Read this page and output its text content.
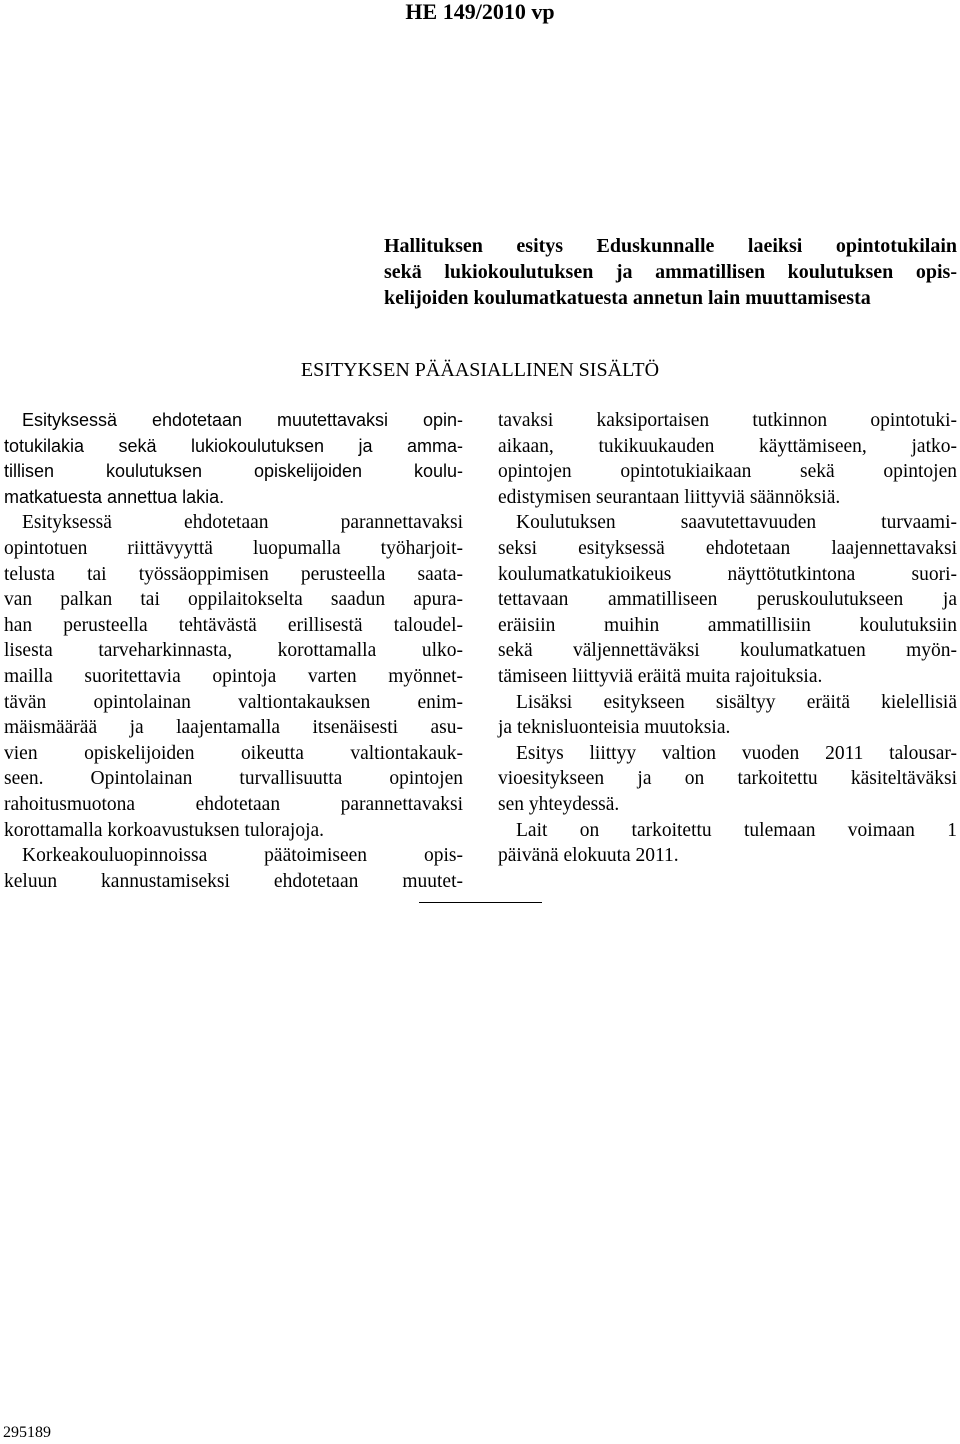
HE 149/2010 vp
Hallituksen esitys Eduskunnalle laeiksi opintotukilain
sekä lukiokoulutuksen ja ammatillisen koulutuksen opis-
kelijoiden koulumatkatuesta annetun lain muuttamisesta
ESITYKSEN PÄÄASIALLINEN SISÄLTÖ
Esityksessä ehdotetaan muutettavaksi opin-
totukilakia sekä lukiokoulutuksen ja amma-
tillisen koulutuksen opiskelijoiden koulu-
matkatuesta annettua lakia.
Esityksessä ehdotetaan parannettavaksi
opintotuen riittävyyttä luopumalla työharjoit-
telusta tai työssäoppimisen perusteella saata-
van palkan tai oppilaitokselta saadun apura-
han perusteella tehtävästä erillisestä taloudel-
lisesta tarveharkinnasta, korottamalla ulko-
mailla suoritettavia opintoja varten myönnet-
tävän opintolainan valtiontakauksen enim-
mäismäärää ja laajentamalla itsenäisesti asu-
vien opiskelijoiden oikeutta valtiontakauk-
seen. Opintolainan turvallisuutta opintojen
rahoitusmuotona ehdotetaan parannettavaksi
korottamalla korkoavustuksen tulorajoja.
Korkeakouluopinnoissa päätoimiseen opis-
keluun kannustamiseksi ehdotetaan muutet-
tavaksi kaksiportaisen tutkinnon opintotuki-
aikaan, tukikuukauden käyttämiseen, jatko-
opintojen opintotukiaikaan sekä opintojen
edistymisen seurantaan liittyviä säännöksiä.
Koulutuksen saavutettavuuden turvaami-
seksi esityksessä ehdotetaan laajennettavaksi
koulumatkatukioikeus näyttötutkintona suori-
tettavaan ammatilliseen peruskoulutukseen ja
eräisiin muihin ammatillisiin koulutuksiin
sekä väljennettäväksi koulumatkatuen myön-
tämiseen liittyviä eräitä muita rajoituksia.
Lisäksi esitykseen sisältyy eräitä kielellisiä
ja teknisluonteisia muutoksia.
Esitys liittyy valtion vuoden 2011 talousar-
vioesitykseen ja on tarkoitettu käsiteltäväksi
sen yhteydessä.
Lait on tarkoitettu tulemaan voimaan 1
päivänä elokuuta 2011.
295189
